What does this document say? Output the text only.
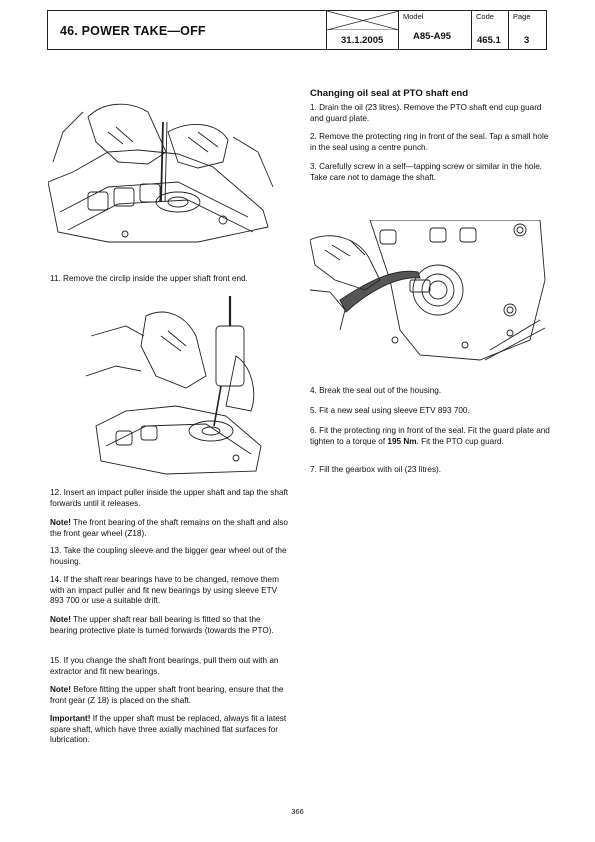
46. POWER TAKE—OFF
31.1.2005
Model
A85-A95
Code
465.1
Page
3
11. Remove the circlip inside the upper shaft front end.
12. Insert an impact puller inside the upper shaft and tap the shaft forwards until it releases.
Note! The front bearing of the shaft remains on the shaft and also the front gear wheel (Z18).
13. Take the coupling sleeve and the bigger gear wheel out of the housing.
14. If the shaft rear bearings have to be changed, remove them with an impact puller and fit new bearings by using sleeve ETV 893 700 or use a suitable drift.
Note! The upper shaft rear ball bearing is fitted so that the bearing protective plate is turned forwards (towards the PTO).
15. If you change the shaft front bearings, pull them out with an extractor and fit new bearings.
Note! Before fitting the upper shaft front bearing, ensure that the front gear (Z 18) is placed on the shaft.
Important! If the upper shaft must be replaced, always fit a latest spare shaft, which have three axially machined flat surfaces for lubrication.
Changing oil seal at PTO shaft end
1. Drain the oil (23 litres). Remove the PTO shaft end cup guard and guard plate.
2. Remove the protecting ring in front of the seal. Tap a small hole in the seal using a centre punch.
3. Carefully screw in a self—tapping screw or similar in the hole. Take care not to damage the shaft.
4. Break the seal out of the housing.
5. Fit a new seal using sleeve ETV 893 700.
6. Fit the protecting ring in front of the seal. Fit the guard plate and tighten to a torque of 195 Nm. Fit the PTO cup guard.
7. Fill the gearbox with oil (23 litres).
366
